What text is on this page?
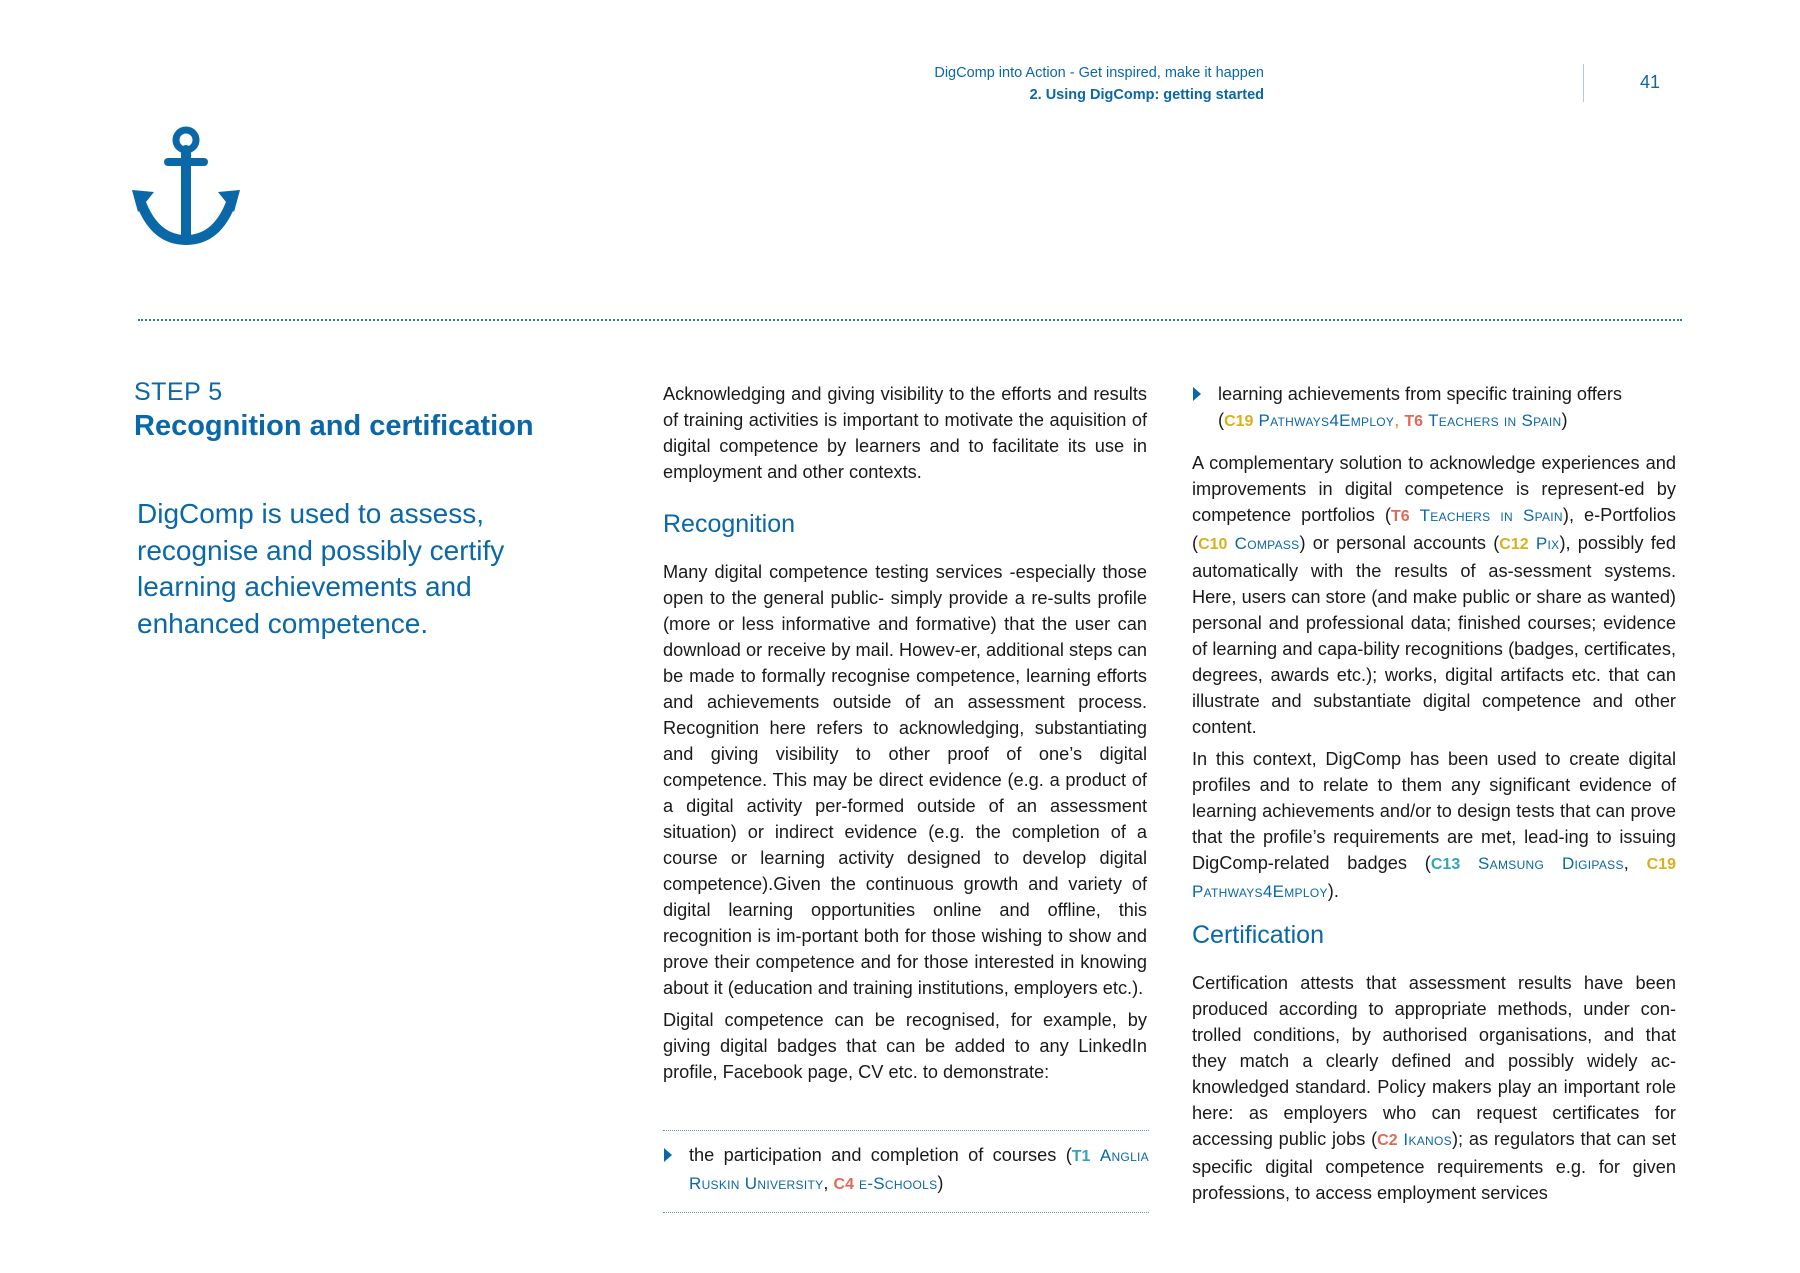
DigComp into Action - Get inspired, make it happen
2. Using DigComp: getting started
41
STEP 5
Recognition and certification
DigComp is used to assess, recognise and possibly certify learning achievements and enhanced competence.

Acknowledging and giving visibility to the efforts and results of training activities is important to motivate the aquisition of digital competence by learners and to facilitate its use in employment and other contexts.

Recognition

Many digital competence testing services -especially those open to the general public- simply provide a re-sults profile (more or less informative and formative) that the user can download or receive by mail. Howev-er, additional steps can be made to formally recognise competence, learning efforts and achievements outside of an assessment process. Recognition here refers to acknowledging, substantiating and giving visibility to other proof of one’s digital competence. This may be direct evidence (e.g. a product of a digital activity per-formed outside of an assessment situation) or indirect evidence (e.g. the completion of a course or learning activity designed to develop digital competence).Given the continuous growth and variety of digital learning opportunities online and offline, this recognition is im-portant both for those wishing to show and prove their competence and for those interested in knowing about it (education and training institutions, employers etc.).

Digital competence can be recognised, for example, by giving digital badges that can be added to any LinkedIn profile, Facebook page, CV etc. to demonstrate:

the participation and completion of courses (T1 Anglia Ruskin University, C4 e-Schools)
learning achievements from specific training offers
(C19 Pathways4Employ, T6 Teachers in Spain)

A complementary solution to acknowledge experiences and improvements in digital competence is represent-ed by competence portfolios (T6 Teachers in Spain), e-Portfolios (C10 Compass) or personal accounts (C12 Pix), possibly fed automatically with the results of as-sessment systems. Here, users can store (and make public or share as wanted) personal and professional data; finished courses; evidence of learning and capa-bility recognitions (badges, certificates, degrees, awards etc.); works, digital artifacts etc. that can illustrate and substantiate digital competence and other content.

In this context, DigComp has been used to create digital profiles and to relate to them any significant evidence of learning achievements and/or to design tests that can prove that the profile’s requirements are met, lead-ing to issuing DigComp-related badges (C13 Samsung Digipass, C19 Pathways4Employ).

Certification

Certification attests that assessment results have been produced according to appropriate methods, under con-trolled conditions, by authorised organisations, and that they match a clearly defined and possibly widely ac-knowledged standard. Policy makers play an important role here: as employers who can request certificates for accessing public jobs (C2 Ikanos); as regulators that can set specific digital competence requirements e.g. for given professions, to access employment services
